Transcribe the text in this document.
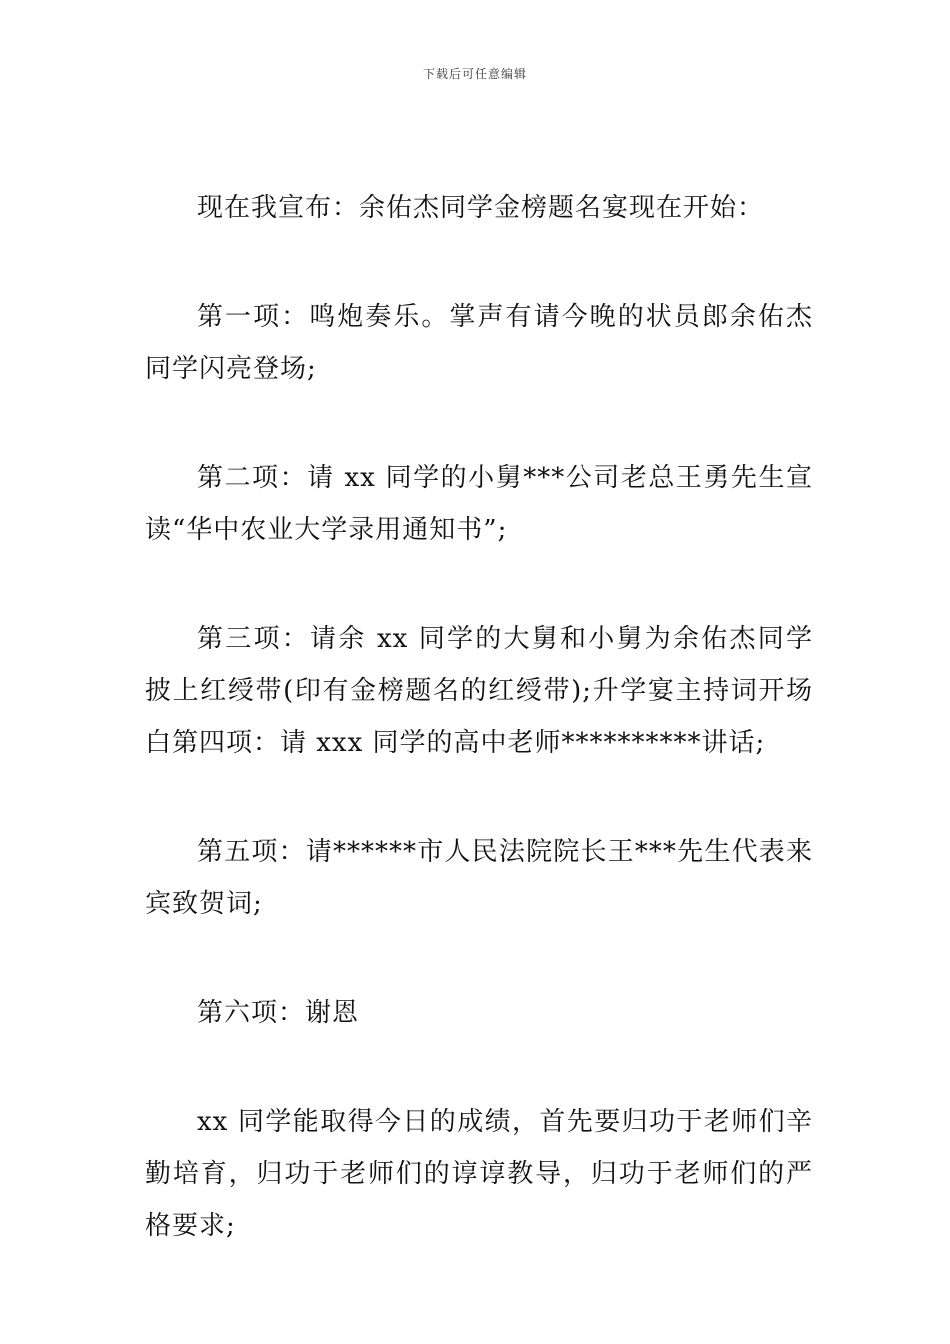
下载后可任意编辑

现在我宣布：余佑杰同学金榜题名宴现在开始：

第一项：鸣炮奏乐。掌声有请今晚的状员郎余佑杰同学闪亮登场;

第二项：请 xx 同学的小舅***公司老总王勇先生宣读“华中农业大学录用通知书”;

第三项：请余 xx 同学的大舅和小舅为余佑杰同学披上红绶带(印有金榜题名的红绶带);升学宴主持词开场白第四项：请 xxx 同学的高中老师**********讲话;

第五项：请******市人民法院院长王***先生代表来宾致贺词;

第六项：谢恩

xx 同学能取得今日的成绩，首先要归功于老师们辛勤培育，归功于老师们的谆谆教导，归功于老师们的严格要求;
